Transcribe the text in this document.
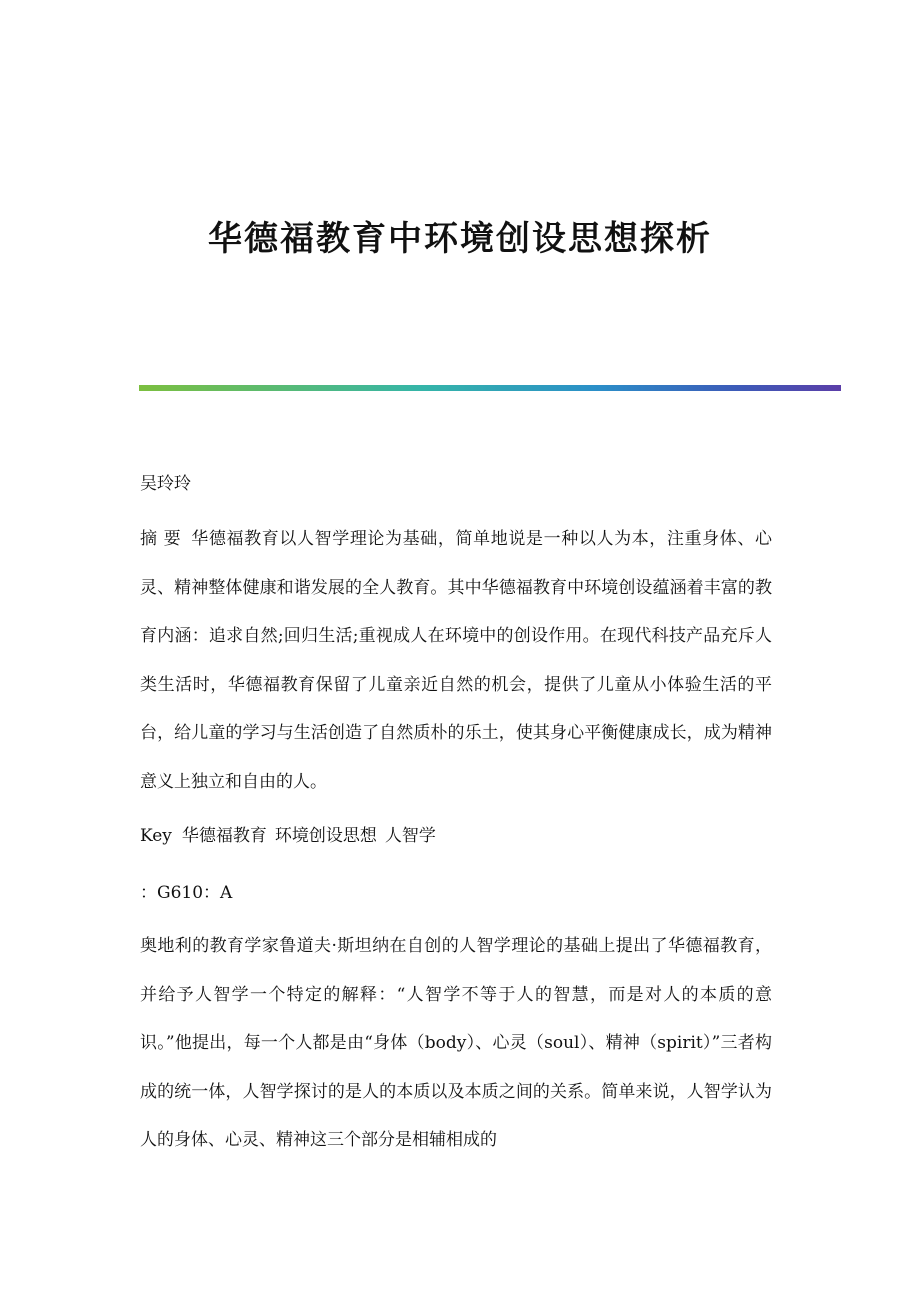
华德福教育中环境创设思想探析

吴玲玲

摘 要 华德福教育以人智学理论为基础，简单地说是一种以人为本，注重身体、心灵、精神整体健康和谐发展的全人教育。其中华德福教育中环境创设蕴涵着丰富的教育内涵：追求自然;回归生活;重视成人在环境中的创设作用。在现代科技产品充斥人类生活时，华德福教育保留了儿童亲近自然的机会，提供了儿童从小体验生活的平台，给儿童的学习与生活创造了自然质朴的乐土，使其身心平衡健康成长，成为精神意义上独立和自由的人。

Key 华德福教育 环境创设思想 人智学

：G610：A

奥地利的教育学家鲁道夫·斯坦纳在自创的人智学理论的基础上提出了华德福教育，并给予人智学一个特定的解释：“人智学不等于人的智慧，而是对人的本质的意识。”他提出，每一个人都是由“身体（body）、心灵（soul）、精神（spirit）”三者构成的统一体，人智学探讨的是人的本质以及本质之间的关系。简单来说，人智学认为人的身体、心灵、精神这三个部分是相辅相成的
